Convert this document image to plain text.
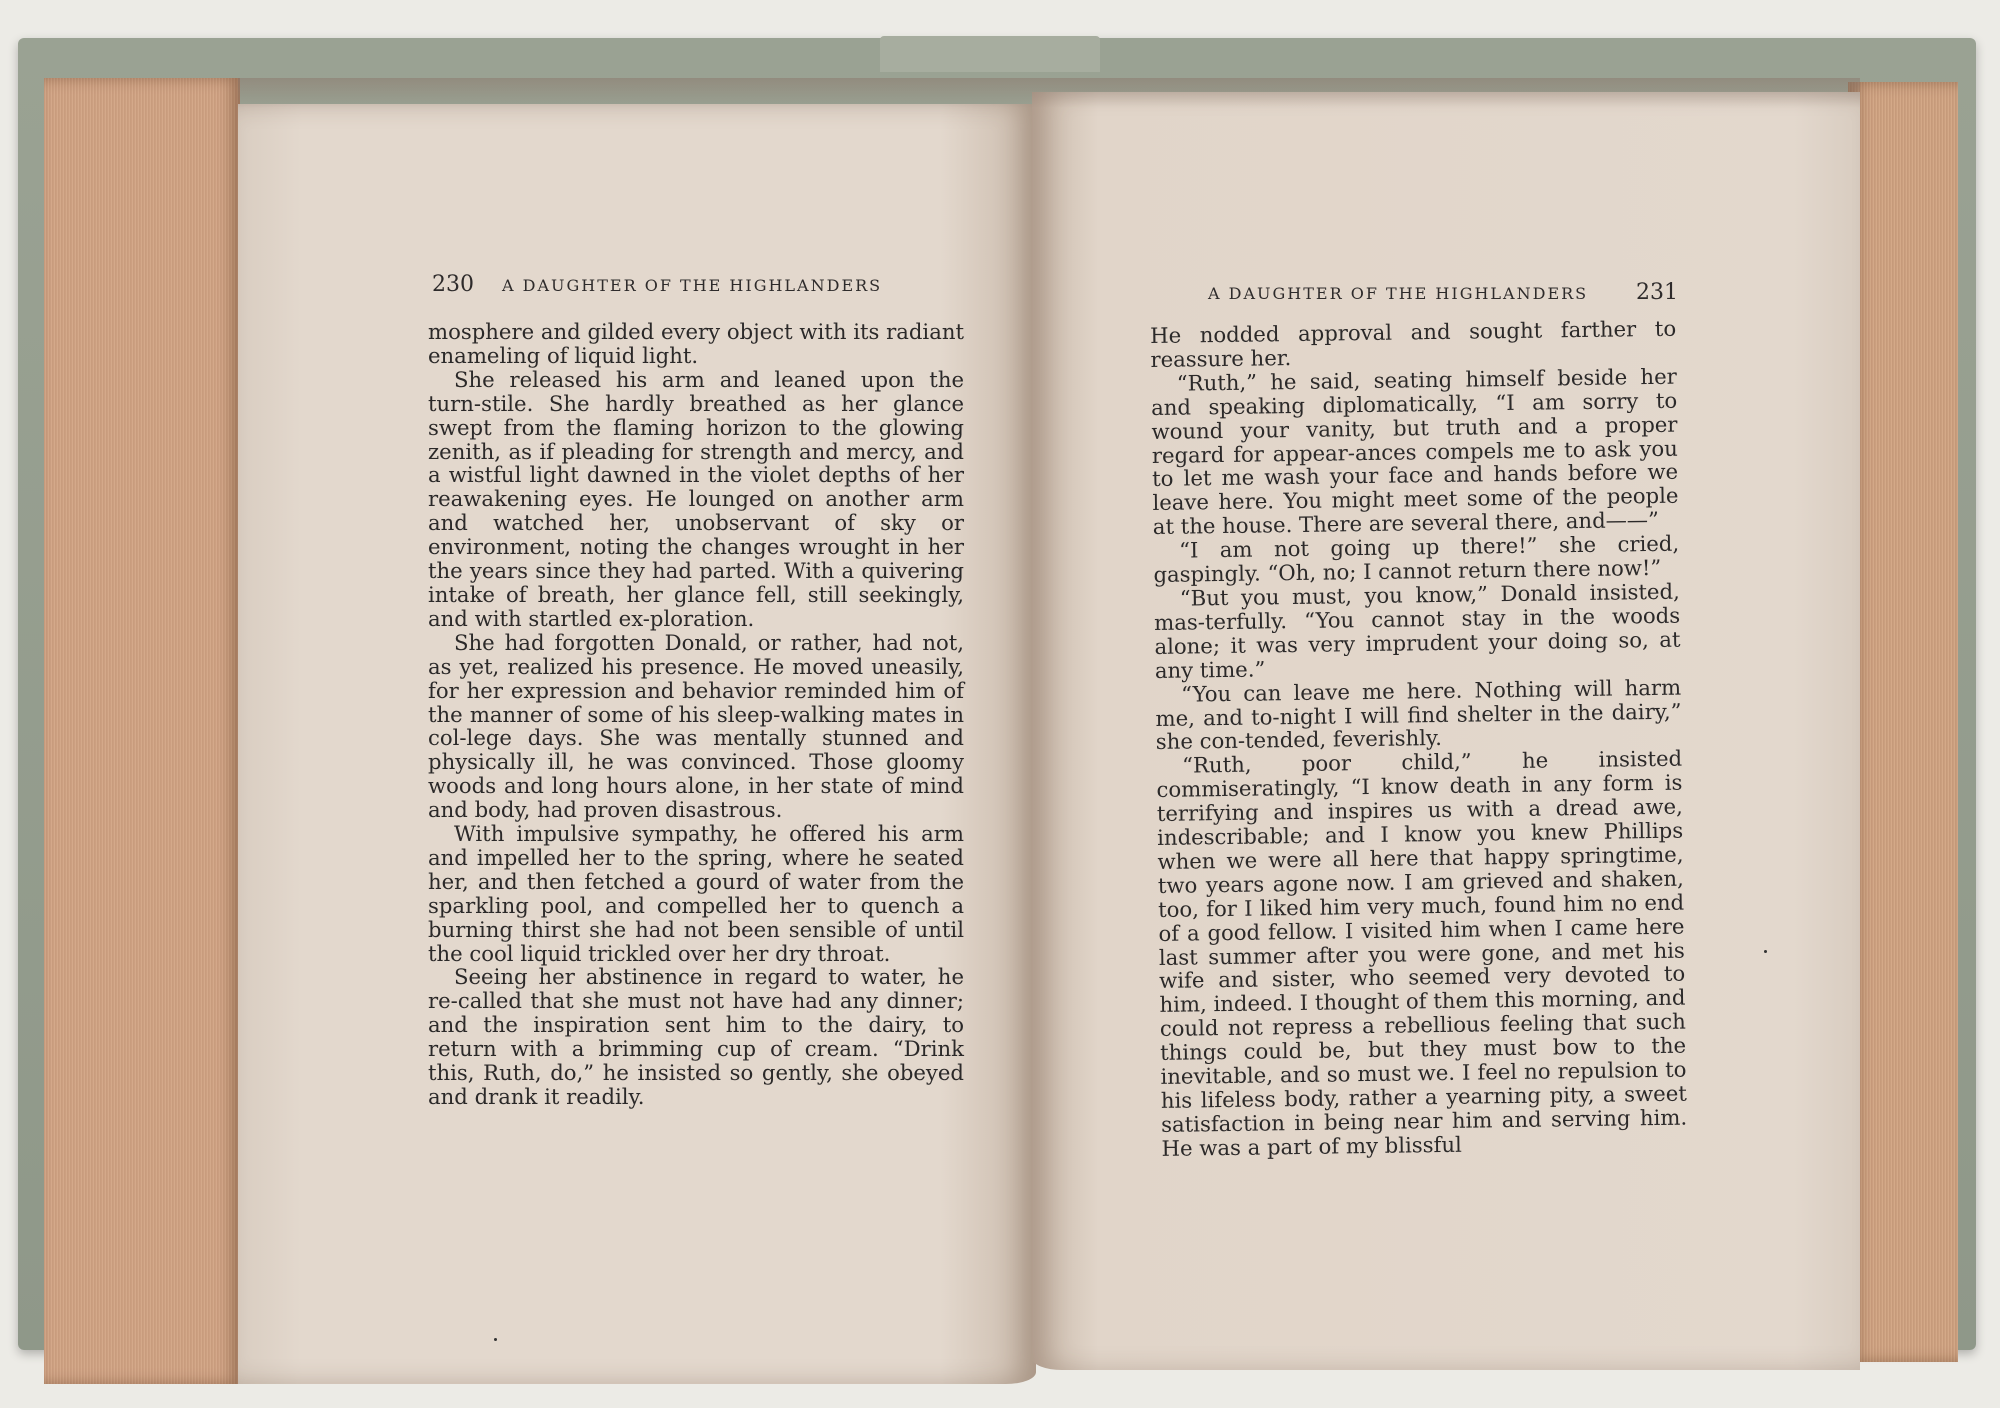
230 A DAUGHTER OF THE HIGHLANDERS	A DAUGHTER OF THE HIGHLANDERS 231

mosphere and gilded every object with its radiant enameling of liquid light.

She released his arm and leaned upon the turn-stile. She hardly breathed as her glance swept from the flaming horizon to the glowing zenith, as if pleading for strength and mercy, and a wistful light dawned in the violet depths of her reawakening eyes. He lounged on another arm and watched her, unobservant of sky or environment, noting the changes wrought in her the years since they had parted. With a quivering intake of breath, her glance fell, still seekingly, and with startled ex-ploration.

She had forgotten Donald, or rather, had not, as yet, realized his presence. He moved uneasily, for her expression and behavior reminded him of the manner of some of his sleep-walking mates in col-lege days. She was mentally stunned and physically ill, he was convinced. Those gloomy woods and long hours alone, in her state of mind and body, had proven disastrous.

With impulsive sympathy, he offered his arm and impelled her to the spring, where he seated her, and then fetched a gourd of water from the sparkling pool, and compelled her to quench a burning thirst she had not been sensible of until the cool liquid trickled over her dry throat.

Seeing her abstinence in regard to water, he re-called that she must not have had any dinner; and the inspiration sent him to the dairy, to return with a brimming cup of cream. “Drink this, Ruth, do,” he insisted so gently, she obeyed and drank it readily.

He nodded approval and sought farther to reassure her.

“Ruth,” he said, seating himself beside her and speaking diplomatically, “I am sorry to wound your vanity, but truth and a proper regard for appear-ances compels me to ask you to let me wash your face and hands before we leave here. You might meet some of the people at the house. There are several there, and——”

“I am not going up there!” she cried, gaspingly. “Oh, no; I cannot return there now!”

“But you must, you know,” Donald insisted, mas-terfully. “You cannot stay in the woods alone; it was very imprudent your doing so, at any time.”

“You can leave me here. Nothing will harm me, and to-night I will find shelter in the dairy,” she con-tended, feverishly.

“Ruth, poor child,” he insisted commiseratingly, “I know death in any form is terrifying and inspires us with a dread awe, indescribable; and I know you knew Phillips when we were all here that happy springtime, two years agone now. I am grieved and shaken, too, for I liked him very much, found him no end of a good fellow. I visited him when I came here last summer after you were gone, and met his wife and sister, who seemed very devoted to him, indeed. I thought of them this morning, and could not repress a rebellious feeling that such things could be, but they must bow to the inevitable, and so must we. I feel no repulsion to his lifeless body, rather a yearning pity, a sweet satisfaction in being near him and serving him. He was a part of my blissful
